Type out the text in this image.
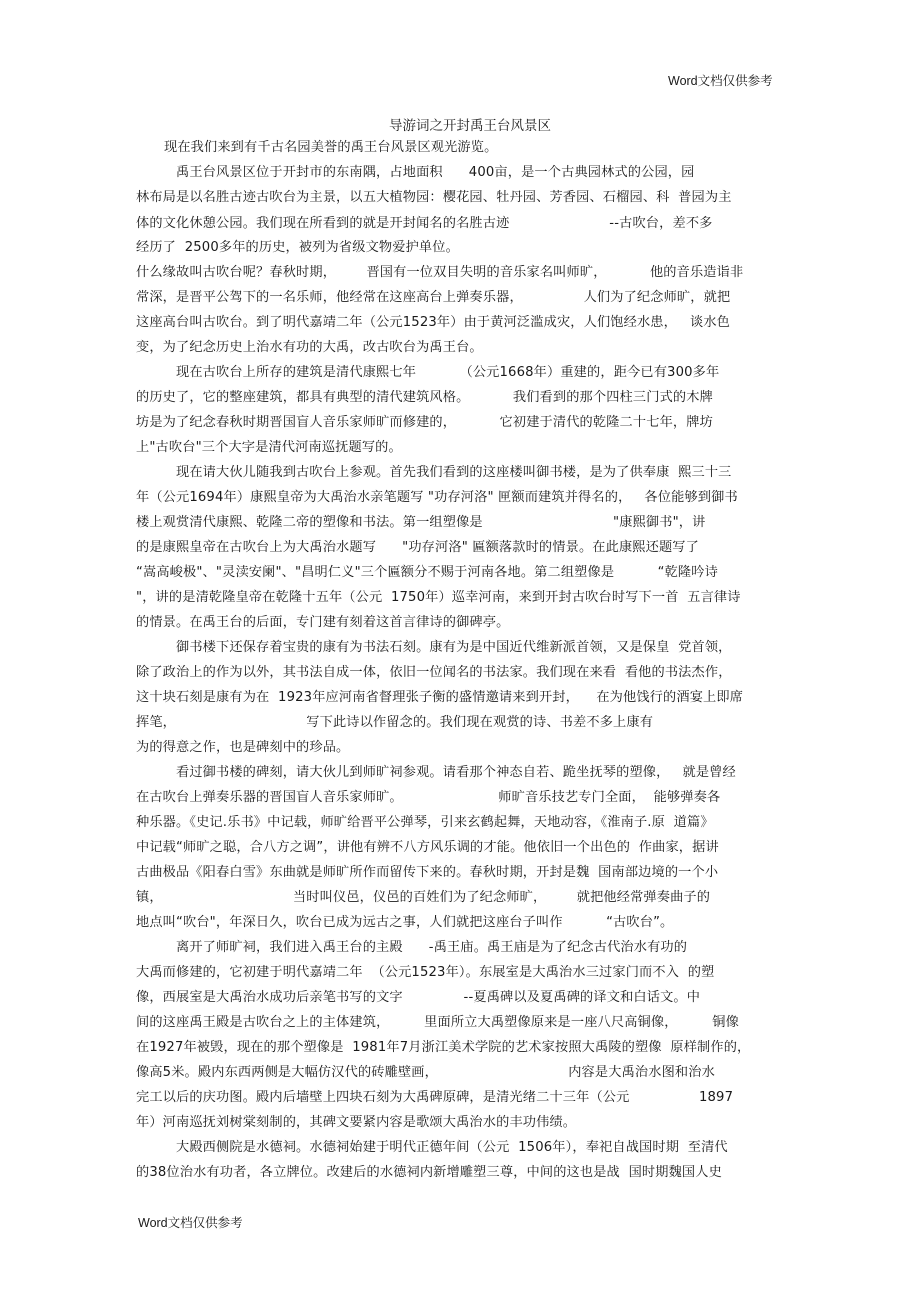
Word文档仅供参考
导游词之开封禹王台风景区
现在我们来到有千古名园美誉的禹王台风景区观光游览。
禹王台风景区位于开封市的东南隅，占地面积      400亩，是一个古典园林式的公园，园
林布局是以名胜古迹古吹台为主景，以五大植物园：樱花园、牡丹园、芳香园、石榴园、科  普园为主
体的文化休憩公园。我们现在所看到的就是开封闻名的名胜古迹                       --古吹台，差不多
经历了  2500多年的历史，被列为省级文物爱护单位。
什么缘故叫古吹台呢？春秋时期，       晋国有一位双目失明的音乐家名叫师旷，          他的音乐造诣非
常深，是晋平公驾下的一名乐师，他经常在这座高台上弹奏乐器，              人们为了纪念师旷，就把
这座高台叫古吹台。到了明代嘉靖二年（公元1523年）由于黄河泛滥成灾，人们饱经水患，   谈水色
变，为了纪念历史上治水有功的大禹，改古吹台为禹王台。
现在古吹台上所存的建筑是清代康熙七年          （公元1668年）重建的，距今已有300多年
的历史了，它的整座建筑，都具有典型的清代建筑风格。          我们看到的那个四柱三门式的木牌
坊是为了纪念春秋时期晋国盲人音乐家师旷而修建的，          它初建于清代的乾隆二十七年，牌坊
上"古吹台"三个大字是清代河南巡抚题写的。
现在请大伙儿随我到古吹台上参观。首先我们看到的这座楼叫御书楼，是为了供奉康  熙三十三
年（公元1694年）康熙皇帝为大禹治水亲笔题写 "功存河洛" 匣额而建筑并得名的，   各位能够到御书
楼上观赏清代康熙、乾隆二帝的塑像和书法。第一组塑像是                              "康熙御书"，讲
的是康熙皇帝在古吹台上为大禹治水题写      "功存河洛" 匾额落款时的情景。在此康熙还题写了
“嵩高峻极"、"灵渎安阑"、"昌明仁义"三个匾额分不赐于河南各地。第二组塑像是          “乾隆吟诗
"，讲的是清乾隆皇帝在乾隆十五年（公元  1750年）巡幸河南，来到开封古吹台时写下一首  五言律诗
的情景。在禹王台的后面，专门建有刻着这首言律诗的御碑亭。
御书楼下还保存着宝贵的康有为书法石刻。康有为是中国近代维新派首领，又是保皇  党首领，
除了政治上的作为以外，其书法自成一体，依旧一位闻名的书法家。我们现在来看  看他的书法杰作，
这十块石刻是康有为在  1923年应河南省督理张子衡的盛情邀请来到开封，    在为他饯行的酒宴上即席
挥笔，                              写下此诗以作留念的。我们现在观赏的诗、书差不多上康有
为的得意之作，也是碑刻中的珍品。
看过御书楼的碑刻，请大伙儿到师旷祠参观。请看那个神态自若、跪坐抚琴的塑像，   就是曾经
在古吹台上弹奏乐器的晋国盲人音乐家师旷。                      师旷音乐技艺专门全面，  能够弹奏各
种乐器。《史记.乐书》中记载，师旷给晋平公弹琴，引来玄鹤起舞，天地动容，《淮南子.原  道篇》
中记载“师旷之聪，合八方之调”，讲他有辨不八方风乐调的才能。他依旧一个出色的  作曲家，据讲
古曲极品《阳春白雪》东曲就是师旷所作而留传下来的。春秋时期，开封是魏  国南部边境的一个小
镇，                              当时叫仪邑，仪邑的百姓们为了纪念师旷，       就把他经常弹奏曲子的
地点叫“吹台"，年深日久，吹台已成为远古之事，人们就把这座台子叫作          “古吹台”。
离开了师旷祠，我们进入禹王台的主殿      -禹王庙。禹王庙是为了纪念古代治水有功的
大禹而修建的，它初建于明代嘉靖二年  （公元1523年）。东展室是大禹治水三过家门而不入  的塑
像，西展室是大禹治水成功后亲笔书写的文字              --夏禹碑以及夏禹碑的译文和白话文。中
间的这座禹王殿是古吹台之上的主体建筑，        里面所立大禹塑像原来是一座八尺高铜像，        铜像
在1927年被毁，现在的那个塑像是  1981年7月浙江美术学院的艺术家按照大禹陵的塑像  原样制作的，
像高5米。殿内东西两侧是大幅仿汉代的砖雕壁画，                              内容是大禹治水图和治水
完工以后的庆功图。殿内后墙壁上四块石刻为大禹碑原碑，是清光绪二十三年（公元                1897
年）河南巡抚刘树棠刻制的，其碑文要紧内容是歌颂大禹治水的丰功伟绩。
大殿西侧院是水德祠。水德祠始建于明代正德年间（公元  1506年），奉祀自战国时期  至清代
的38位治水有功者，各立牌位。改建后的水德祠内新增雕塑三尊，中间的这也是战  国时期魏国人史
Word文档仅供参考
